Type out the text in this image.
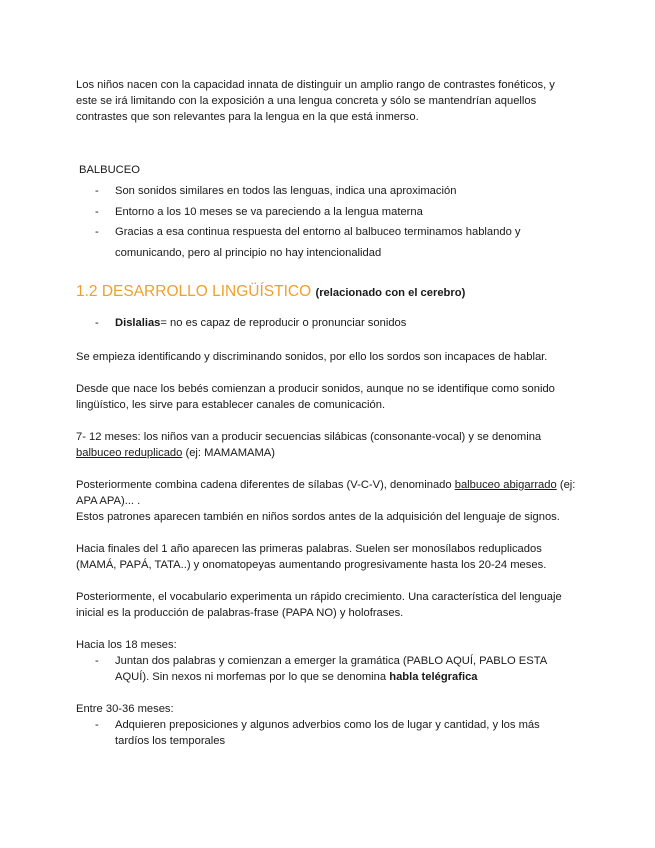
Los niños nacen con la capacidad innata de distinguir un amplio rango de contrastes fonéticos, y este se irá limitando con la exposición a una lengua concreta y sólo se mantendrían aquellos contrastes que son relevantes para la lengua en la que está inmerso.

BALBUCEO

- Son sonidos similares en todos las lenguas, indica una aproximación
- Entorno a los 10 meses se va pareciendo a la lengua materna
- Gracias a esa continua respuesta del entorno al balbuceo terminamos hablando y comunicando, pero al principio no hay intencionalidad
1.2 DESARROLLO LINGÜÍSTICO (relacionado con el cerebro)
- Dislalias= no es capaz de reproducir o pronunciar sonidos

Se empieza identificando y discriminando sonidos, por ello los sordos son incapaces de hablar.

Desde que nace los bebés comienzan a producir sonidos, aunque no se identifique como sonido lingüístico, les sirve para establecer canales de comunicación.

7- 12 meses: los niños van a producir secuencias silábicas (consonante-vocal) y se denomina balbuceo reduplicado (ej: MAMAMAMA)

Posteriormente combina cadena diferentes de sílabas (V-C-V), denominado balbuceo abigarrado (ej: APA APA)... .

Estos patrones aparecen también en niños sordos antes de la adquisición del lenguaje de signos.

Hacia finales del 1 año aparecen las primeras palabras. Suelen ser monosílabos reduplicados (MAMÁ, PAPÁ, TATA..) y onomatopeyas aumentando progresivamente hasta los 20-24 meses.

Posteriormente, el vocabulario experimenta un rápido crecimiento. Una característica del lenguaje inicial es la producción de palabras-frase (PAPA NO) y holofrases.

Hacia los 18 meses:

- Juntan dos palabras y comienzan a emerger la gramática (PABLO AQUÍ, PABLO ESTA AQUÍ). Sin nexos ni morfemas por lo que se denomina habla telégrafica

Entre 30-36 meses:

- Adquieren preposiciones y algunos adverbios como los de lugar y cantidad, y los más tardíos los temporales
